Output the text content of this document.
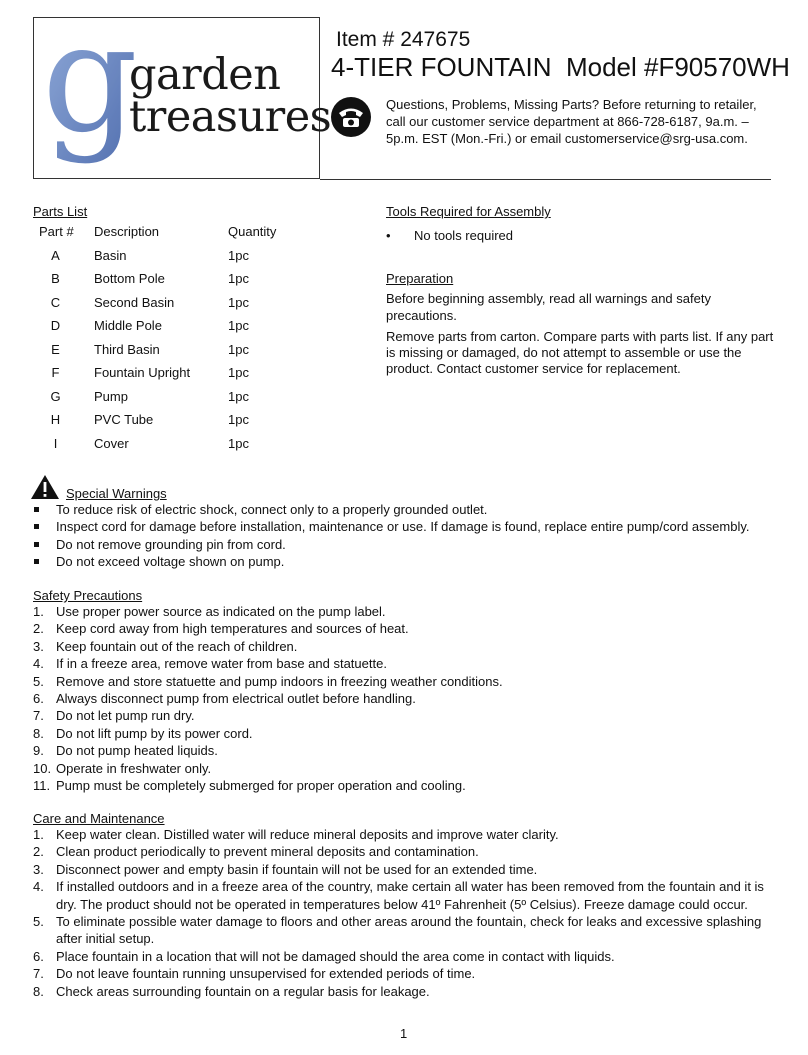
g
garden
treasures
Item # 247675
4-TIER FOUNTAIN  Model #F90570WH
Questions, Problems, Missing Parts? Before returning to retailer, call our customer service department at 866-728-6187, 9a.m. – 5p.m. EST (Mon.-Fri.) or email customerservice@srg-usa.com.
Parts List
Part # Description	Quantity
A	Basin	1pc
B	Bottom Pole	1pc
C	Second Basin	1pc
D	Middle Pole	1pc
E	Third Basin	1pc
F	Fountain Upright	1pc
G	Pump	1pc
H	PVC Tube	1pc
I	Cover	1pc
Tools Required for Assembly
• No tools required
Preparation
Before beginning assembly, read all warnings and safety precautions.
Remove parts from carton. Compare parts with parts list. If any part is missing or damaged, do not attempt to assemble or use the product. Contact customer service for replacement.
Special Warnings
To reduce risk of electric shock, connect only to a properly grounded outlet.
Inspect cord for damage before installation, maintenance or use. If damage is found, replace entire pump/cord assembly.
Do not remove grounding pin from cord.
Do not exceed voltage shown on pump.
Safety Precautions
1. Use proper power source as indicated on the pump label.
2. Keep cord away from high temperatures and sources of heat.
3. Keep fountain out of the reach of children.
4. If in a freeze area, remove water from base and statuette.
5. Remove and store statuette and pump indoors in freezing weather conditions.
6. Always disconnect pump from electrical outlet before handling.
7. Do not let pump run dry.
8. Do not lift pump by its power cord.
9. Do not pump heated liquids.
10. Operate in freshwater only.
11. Pump must be completely submerged for proper operation and cooling.
Care and Maintenance
1. Keep water clean. Distilled water will reduce mineral deposits and improve water clarity.
2. Clean product periodically to prevent mineral deposits and contamination.
3. Disconnect power and empty basin if fountain will not be used for an extended time.
4. If installed outdoors and in a freeze area of the country, make certain all water has been removed from the fountain and it is dry. The product should not be operated in temperatures below 41º Fahrenheit (5º Celsius). Freeze damage could occur.
5. To eliminate possible water damage to floors and other areas around the fountain, check for leaks and excessive splashing after initial setup.
6. Place fountain in a location that will not be damaged should the area come in contact with liquids.
7. Do not leave fountain running unsupervised for extended periods of time.
8. Check areas surrounding fountain on a regular basis for leakage.
1
